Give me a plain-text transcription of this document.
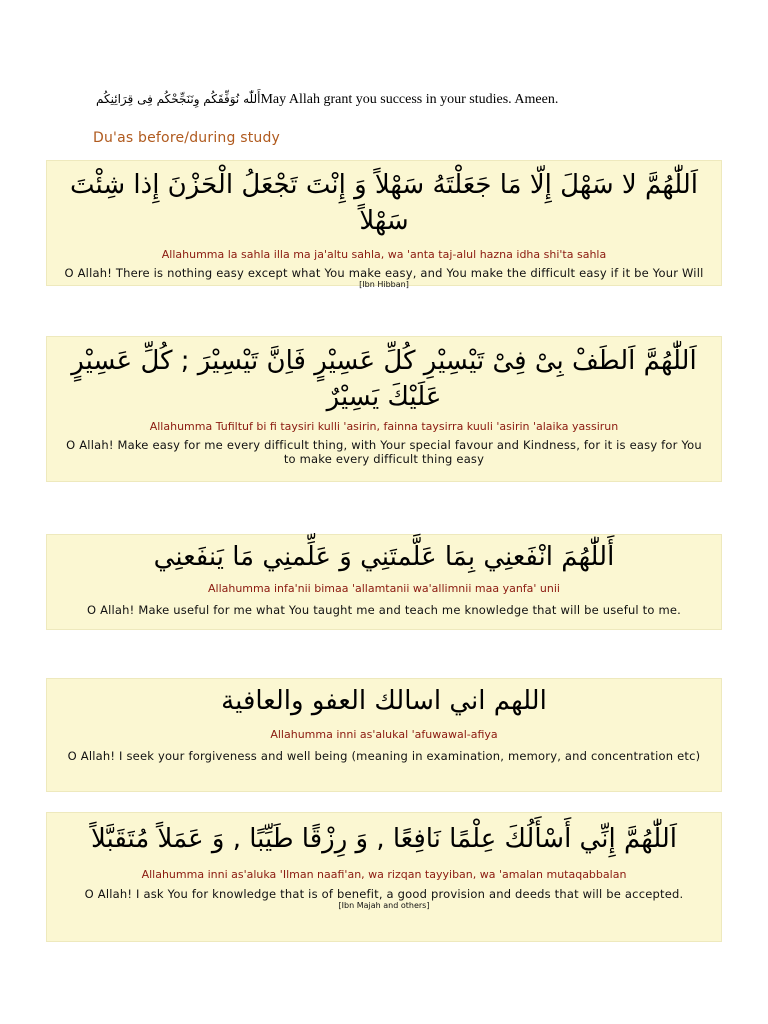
أَللّٰه نُوَفِّقَكُم وِنَنَجِّحْكُم فِى قِرَائِنِكُمMay Allah grant you success in your studies. Ameen.
Du'as before/during study
اَللّٰهُمَّ لا سَهْلَ إِلّا مَا جَعَلْتَهُ سَهْلاً وَ إِنْتَ تَجْعَلُ الْحَزْنَ إِذا شِئْتَ سَهْلاً
Allahumma la sahla illa ma ja'altu sahla, wa 'anta taj-alul hazna idha shi'ta sahla
O Allah! There is nothing easy except what You make easy, and You make the difficult easy if it be Your Will
[Ibn Hibban]
اَللّٰهُمَّ اَلطَفْ بِىْ فِىْ تَيْسِيْرِ كُلِّ عَسِيْرٍ فَاِنَّ تَيْسِيْرَ ; كُلِّ عَسِيْرٍ عَلَيْكَ يَسِيْرٌ
Allahumma Tufiltuf bi fi taysiri kulli 'asirin, fainna taysirra kuuli 'asirin 'alaika yassirun
O Allah! Make easy for me every difficult thing, with Your special favour and Kindness, for it is easy for You to make every difficult thing easy
أَللّٰهُمَ انْفَعنِي بِمَا عَلَّمتَنِي وَ عَلِّمنِي مَا يَنفَعنِي
Allahumma infa'nii bimaa 'allamtanii wa'allimnii maa yanfa' unii
O Allah! Make useful for me what You taught me and teach me knowledge that will be useful to me.
اللهم اني اسالك العفو والعافية
Allahumma inni as'alukal 'afuwawal-afiya
O Allah! I seek your forgiveness and well being (meaning in examination, memory, and concentration etc)
اَللّٰهُمَّ إِنِّي أَسْأَلُكَ عِلْمًا نَافِعًا , وَ رِزْقًا طَيِّبًا , وَ عَمَلاً مُتَقَبَّلاً
Allahumma inni as'aluka 'Ilman naafi'an, wa rizqan tayyiban, wa 'amalan mutaqabbalan
O Allah! I ask You for knowledge that is of benefit, a good provision and deeds that will be accepted.
[Ibn Majah and others]
